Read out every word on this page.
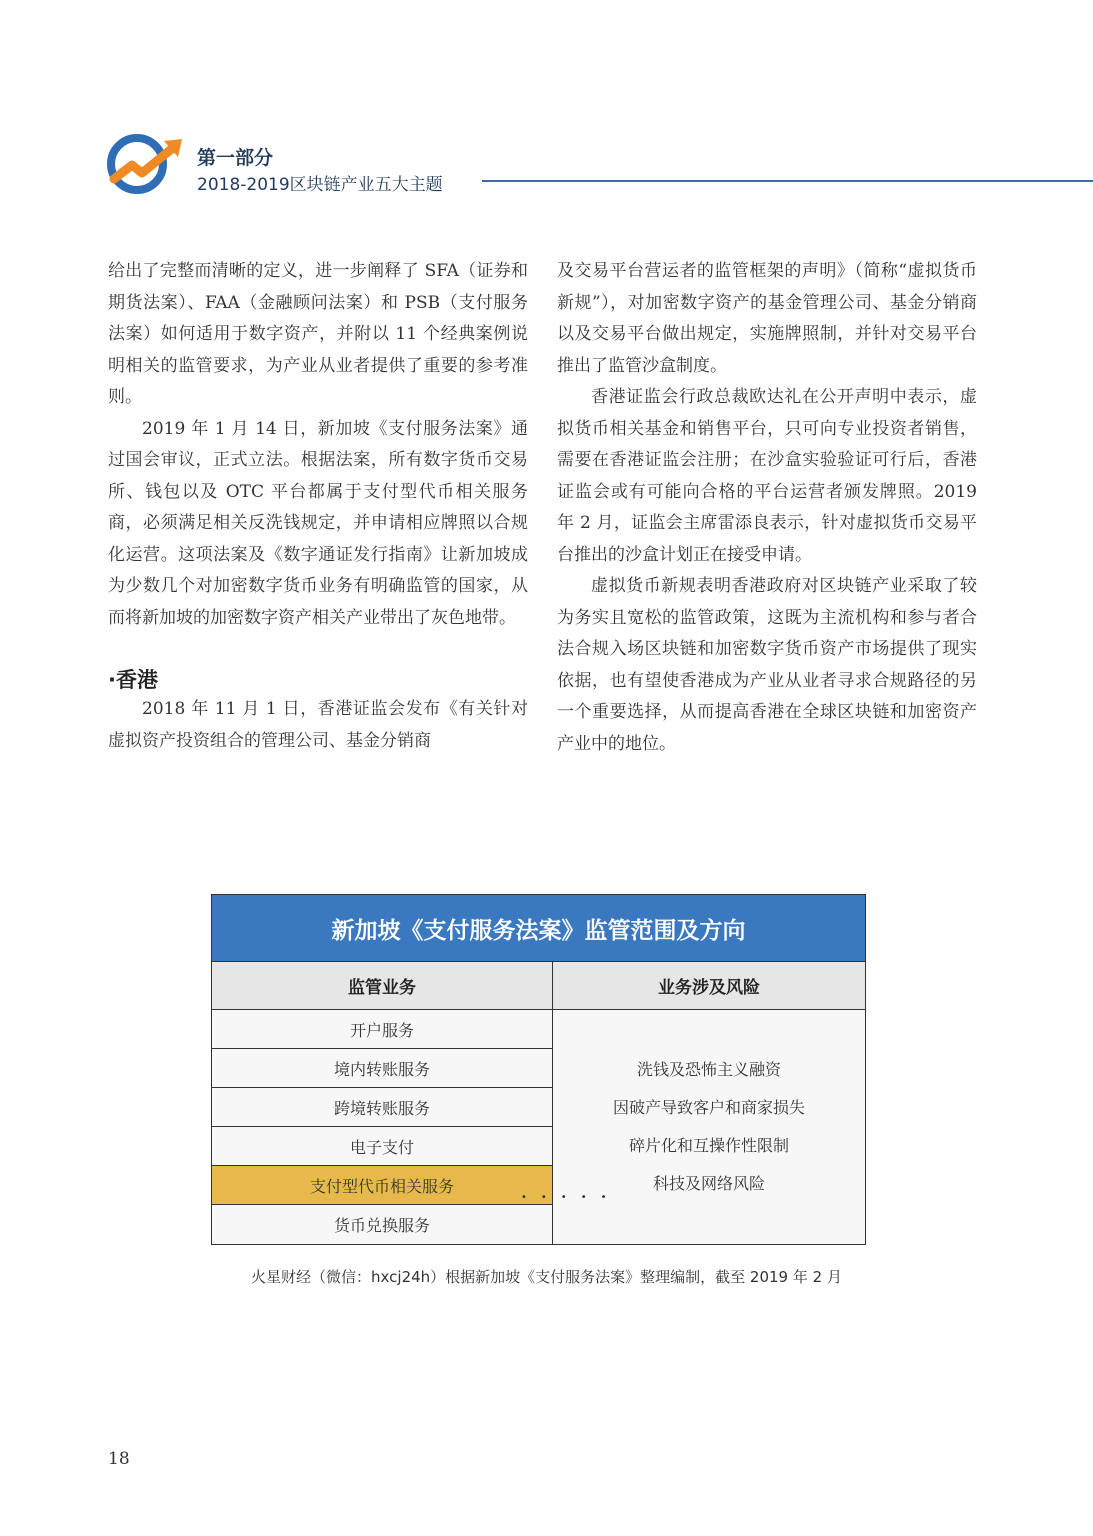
第一部分
2018-2019区块链产业五大主题

给出了完整而清晰的定义，进一步阐释了 SFA（证券和期货法案）、FAA（金融顾问法案）和 PSB（支付服务法案）如何适用于数字资产，并附以 11 个经典案例说明相关的监管要求，为产业从业者提供了重要的参考准则。

2019 年 1 月 14 日，新加坡《支付服务法案》通过国会审议，正式立法。根据法案，所有数字货币交易所、钱包以及 OTC 平台都属于支付型代币相关服务商，必须满足相关反洗钱规定，并申请相应牌照以合规化运营。这项法案及《数字通证发行指南》让新加坡成为少数几个对加密数字货币业务有明确监管的国家，从而将新加坡的加密数字资产相关产业带出了灰色地带。

·香港

2018 年 11 月 1 日，香港证监会发布《有关针对虚拟资产投资组合的管理公司、基金分销商

及交易平台营运者的监管框架的声明》（简称“虚拟货币新规”），对加密数字资产的基金管理公司、基金分销商以及交易平台做出规定，实施牌照制，并针对交易平台推出了监管沙盒制度。

香港证监会行政总裁欧达礼在公开声明中表示，虚拟货币相关基金和销售平台，只可向专业投资者销售，需要在香港证监会注册；在沙盒实验验证可行后，香港证监会或有可能向合格的平台运营者颁发牌照。2019 年 2 月，证监会主席雷添良表示，针对虚拟货币交易平台推出的沙盒计划正在接受申请。

虚拟货币新规表明香港政府对区块链产业采取了较为务实且宽松的监管政策，这既为主流机构和参与者合法合规入场区块链和加密数字货币资产市场提供了现实依据，也有望使香港成为产业从业者寻求合规路径的另一个重要选择，从而提高香港在全球区块链和加密资产产业中的地位。

新加坡《支付服务法案》监管范围及方向
监管业务	业务涉及风险
开户服务
境内转账服务
跨境转账服务
电子支付
支付型代币相关服务
•••••
货币兑换服务
洗钱及恐怖主义融资
因破产导致客户和商家损失
碎片化和互操作性限制
科技及网络风险
火星财经（微信：hxcj24h）根据新加坡《支付服务法案》整理编制，截至 2019 年 2 月
18
